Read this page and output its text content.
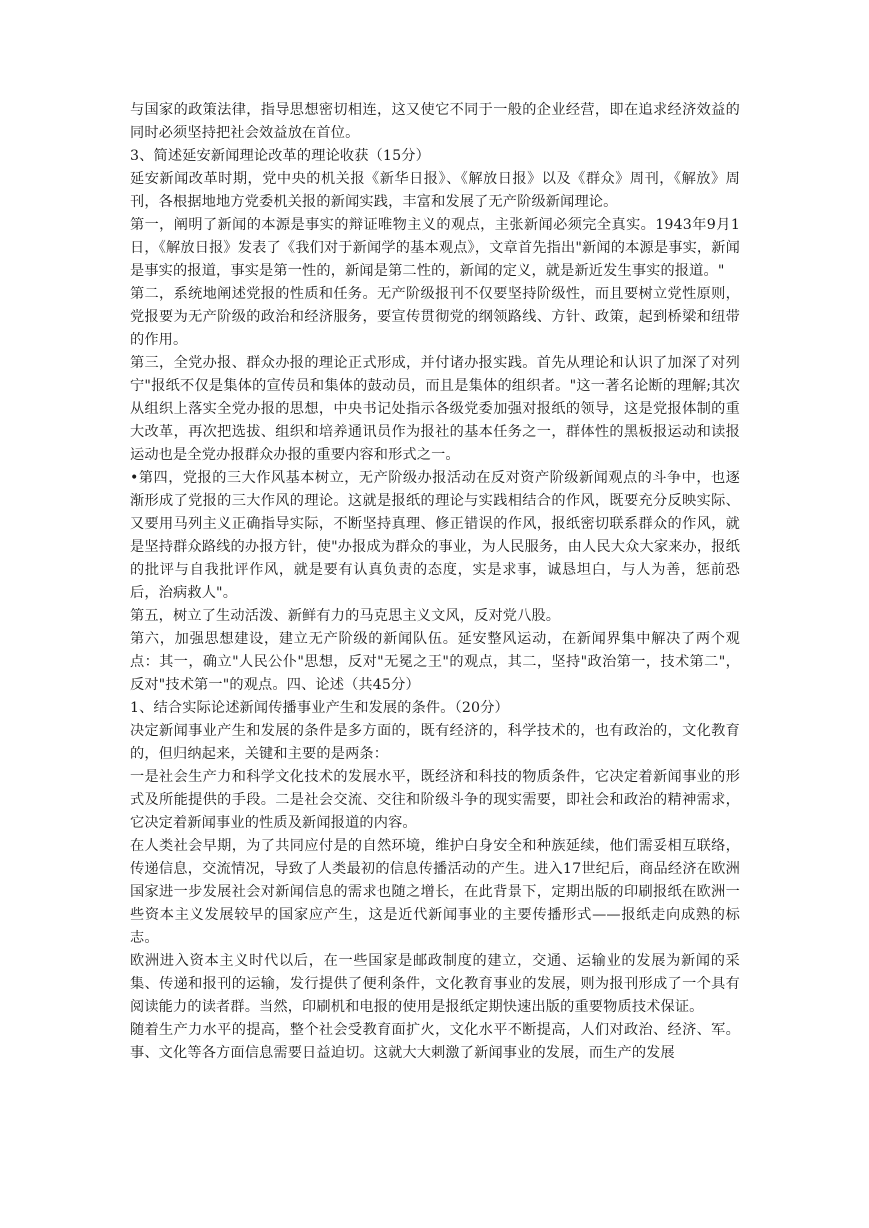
与国家的政策法律，指导思想密切相连，这又使它不同于一般的企业经营，即在追求经济效益的同时必须坚持把社会效益放在首位。

3、简述延安新闻理论改革的理论收获（15分）

延安新闻改革时期，党中央的机关报《新华日报》、《解放日报》以及《群众》周刊，《解放》周刊，各根据地地方党委机关报的新闻实践，丰富和发展了无产阶级新闻理论。

第一，阐明了新闻的本源是事实的辩证唯物主义的观点，主张新闻必须完全真实。1943年9月1日，《解放日报》发表了《我们对于新闻学的基本观点》，文章首先指出"新闻的本源是事实，新闻是事实的报道，事实是第一性的，新闻是第二性的，新闻的定义，就是新近发生事实的报道。"

第二，系统地阐述党报的性质和任务。无产阶级报刊不仅要坚持阶级性，而且要树立党性原则，党报要为无产阶级的政治和经济服务，要宣传贯彻党的纲领路线、方针、政策，起到桥梁和纽带的作用。

第三，全党办报、群众办报的理论正式形成，并付诸办报实践。首先从理论和认识了加深了对列宁"报纸不仅是集体的宣传员和集体的鼓动员，而且是集体的组织者。"这一著名论断的理解;其次从组织上落实全党办报的思想，中央书记处指示各级党委加强对报纸的领导，这是党报体制的重大改革，再次把选拔、组织和培养通讯员作为报社的基本任务之一，群体性的黑板报运动和读报运动也是全党办报群众办报的重要内容和形式之一。

•第四，党报的三大作风基本树立，无产阶级办报活动在反对资产阶级新闻观点的斗争中，也逐渐形成了党报的三大作风的理论。这就是报纸的理论与实践相结合的作风，既要充分反映实际、又要用马列主义正确指导实际，不断坚持真理、修正错误的作风，报纸密切联系群众的作风，就是坚持群众路线的办报方针，使"办报成为群众的事业，为人民服务，由人民大众大家来办，报纸的批评与自我批评作风，就是要有认真负责的态度，实是求事，诚恳坦白，与人为善，惩前恐后，治病救人"。

第五，树立了生动活泼、新鲜有力的马克思主义文风，反对党八股。

第六，加强思想建设，建立无产阶级的新闻队伍。延安整风运动，在新闻界集中解决了两个观点：其一，确立"人民公仆"思想，反对"无冕之王"的观点，其二，坚持"政治第一，技术第二"，反对"技术第一"的观点。四、论述（共45分）

1、结合实际论述新闻传播事业产生和发展的条件。（20分）

决定新闻事业产生和发展的条件是多方面的，既有经济的，科学技术的，也有政治的，文化教育的，但归纳起来，关键和主要的是两条：

一是社会生产力和科学文化技术的发展水平，既经济和科技的物质条件，它决定着新闻事业的形式及所能提供的手段。二是社会交流、交往和阶级斗争的现实需要，即社会和政治的精神需求，它决定着新闻事业的性质及新闻报道的内容。

在人类社会早期，为了共同应付是的自然环境，维护白身安全和种族延续，他们需妥相互联络，传递信息，交流情况，导致了人类最初的信息传播活动的产生。进入17世纪后，商品经济在欧洲国家进一步发展社会对新闻信息的需求也随之增长，在此背景下，定期出版的印刷报纸在欧洲一些资本主义发展较早的国家应产生，这是近代新闻事业的主要传播形式——报纸走向成熟的标志。

欧洲进入资本主义时代以后，在一些国家是邮政制度的建立，交通、运输业的发展为新闻的采集、传递和报刊的运输，发行提供了便利条件，文化教育事业的发展，则为报刊形成了一个具有阅读能力的读者群。当然，印刷机和电报的使用是报纸定期快速出版的重要物质技术保证。

随着生产力水平的提高，整个社会受教育面扩火，文化水平不断提高，人们对政治、经济、军。事、文化等各方面信息需要日益迫切。这就大大刺激了新闻事业的发展，而生产的发展
